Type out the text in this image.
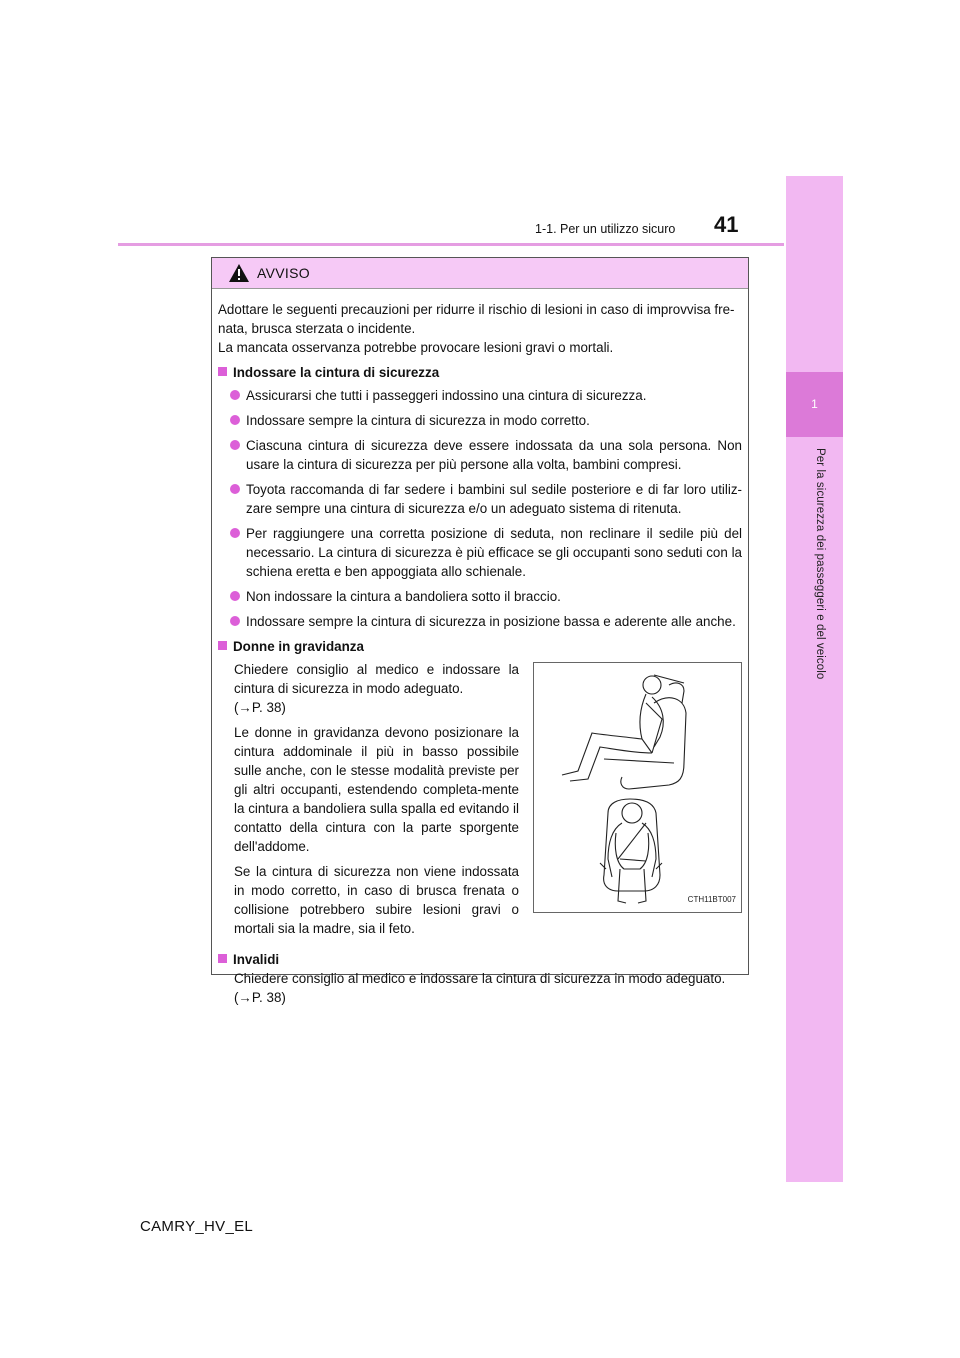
1
Per la sicurezza dei passeggeri e del veicolo
1-1. Per un utilizzo sicuro 41
AVVISO

Adottare le seguenti precauzioni per ridurre il rischio di lesioni in caso di improvvisa fre-nata, brusca sterzata o incidente.

La mancata osservanza potrebbe provocare lesioni gravi o mortali.

Indossare la cintura di sicurezza
Assicurarsi che tutti i passeggeri indossino una cintura di sicurezza.
Indossare sempre la cintura di sicurezza in modo corretto.
Ciascuna cintura di sicurezza deve essere indossata da una sola persona. Non usare la cintura di sicurezza per più persone alla volta, bambini compresi.
Toyota raccomanda di far sedere i bambini sul sedile posteriore e di far loro utiliz-zare sempre una cintura di sicurezza e/o un adeguato sistema di ritenuta.
Per raggiungere una corretta posizione di seduta, non reclinare il sedile più del necessario. La cintura di sicurezza è più efficace se gli occupanti sono seduti con la schiena eretta e ben appoggiata allo schienale.
Non indossare la cintura a bandoliera sotto il braccio.
Indossare sempre la cintura di sicurezza in posizione bassa e aderente alle anche.
Donne in gravidanza

Chiedere consiglio al medico e indossare la cintura di sicurezza in modo adeguato.

(→P. 38)

Le donne in gravidanza devono posizionare la cintura addominale il più in basso possibile sulle anche, con le stesse modalità previste per gli altri occupanti, estendendo completa-mente la cintura a bandoliera sulla spalla ed evitando il contatto della cintura con la parte sporgente dell'addome.

Se la cintura di sicurezza non viene indossata in modo corretto, in caso di brusca frenata o collisione potrebbero subire lesioni gravi o mortali sia la madre, sia il feto.

CTH11BT007
Invalidi
Chiedere consiglio al medico e indossare la cintura di sicurezza in modo adeguato.
(→P. 38)
CAMRY_HV_EL
